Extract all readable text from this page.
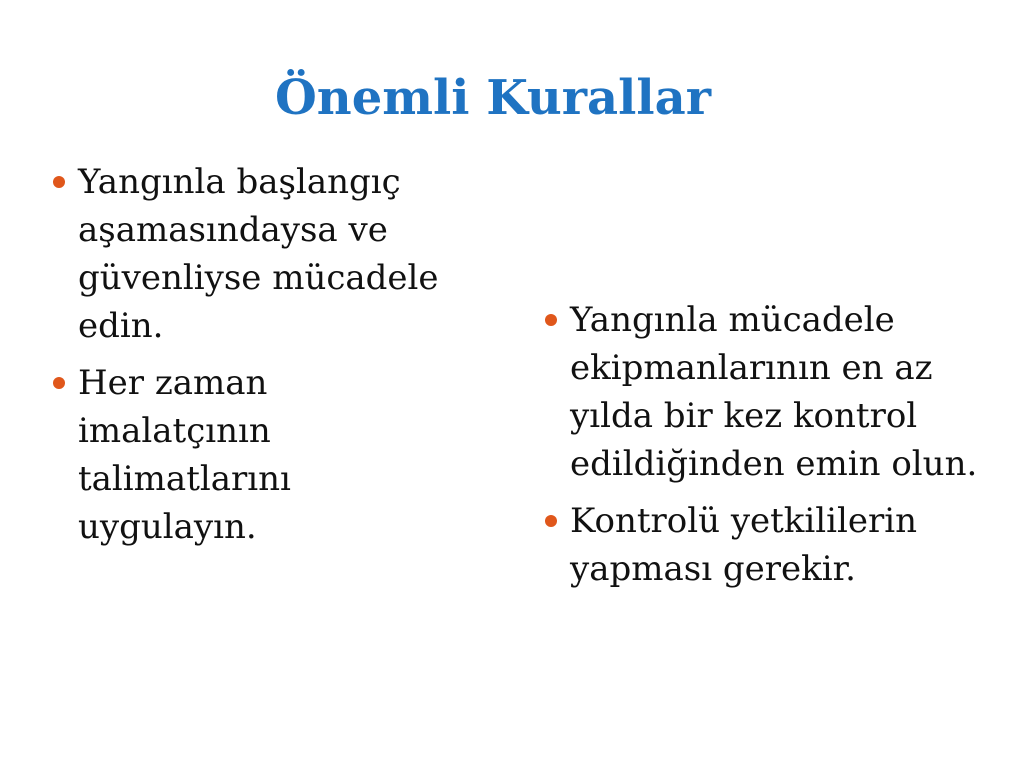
Önemli Kurallar
Yangınla başlangıç aşamasındaysa ve güvenliyse mücadele edin.
Her zaman imalatçının talimatlarını uygulayın.
Yangınla mücadele ekipmanlarının en az yılda bir kez kontrol edildiğinden emin olun.
Kontrolü yetkililerin yapması gerekir.
